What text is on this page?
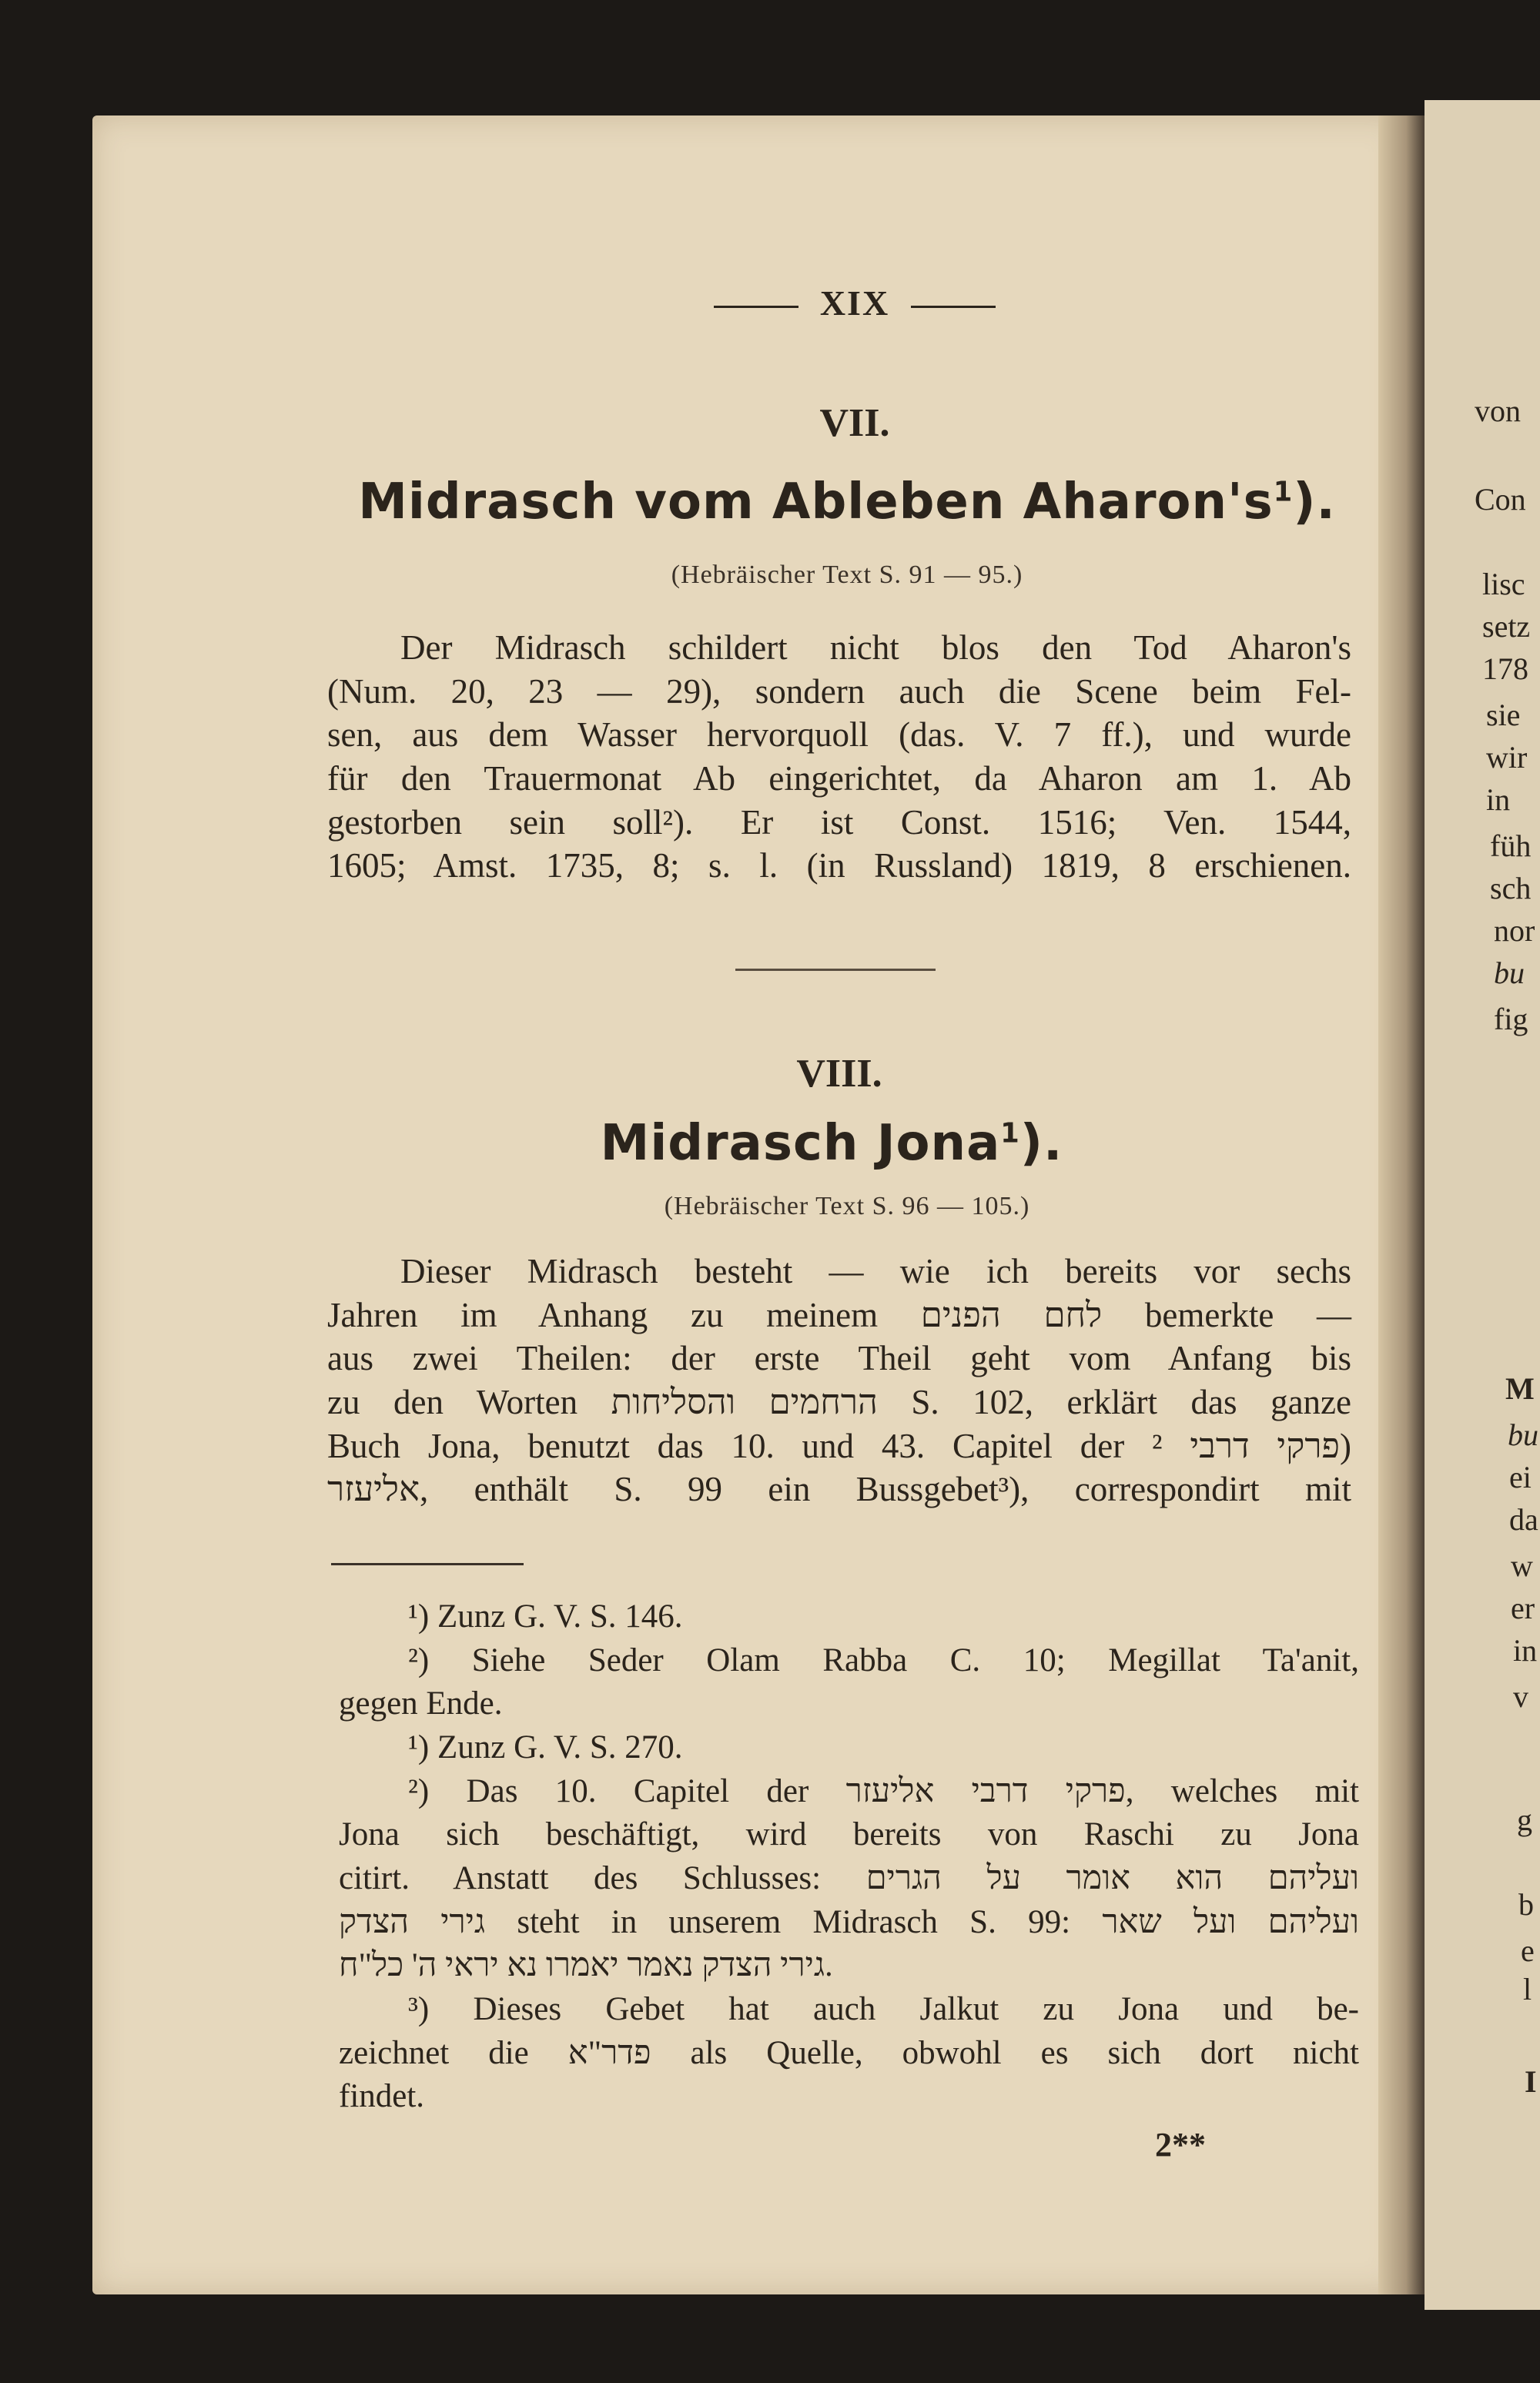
von
Con
lisc
setz
178
sie
wir
in
füh
sch
nor
bu
fig
M
bu
ei
da
w
er
in
v
g
b
e
l
I
XIX
VII.
Midrasch vom Ableben $Aharon's^1$).
(Hebräischer Text S. 91 — 95.)
Der Midrasch schildert nicht blos den Tod Aharon's
(Num. 20, 23 — 29), sondern auch die Scene beim Fel-
sen, aus dem Wasser hervorquoll (das. V. 7 ff.), und wurde
für den Trauermonat Ab eingerichtet, da Aharon am 1. Ab
gestorben sein soll²). Er ist Const. 1516; Ven. 1544,
1605; Amst. 1735, 8; s. l. (in Russland) 1819, 8 erschienen.
VIII.
Midrasch Jona$^1$).
(Hebräischer Text S. 96 — 105.)
Dieser Midrasch besteht — wie ich bereits vor sechs
Jahren im Anhang zu meinem לחם הפנים bemerkte —
aus zwei Theilen: der erste Theil geht vom Anfang bis
zu den Worten הרחמים והסליחות S. 102, erklärt das ganze
Buch Jona, benutzt das 10. und 43. Capitel der פרקי דרבי ²)
אליעזר, enthält S. 99 ein Bussgebet³), correspondirt mit
¹) Zunz G. V. S. 146.
²) Siehe Seder Olam Rabba C. 10; Megillat Ta'anit,
gegen Ende.
¹) Zunz G. V. S. 270.
²) Das 10. Capitel der פרקי דרבי אליעזר, welches mit
Jona sich beschäftigt, wird bereits von Raschi zu Jona
citirt. Anstatt des Schlusses: ועליהם הוא אומר על הגרים
גירי הצדק steht in unserem Midrasch S. 99: ועליהם ועל שאר
גירי הצדק נאמר יאמרו נא יראי ה' כל"ח.
³) Dieses Gebet hat auch Jalkut zu Jona und be-
zeichnet die פדר"א als Quelle, obwohl es sich dort nicht
findet.
2**
